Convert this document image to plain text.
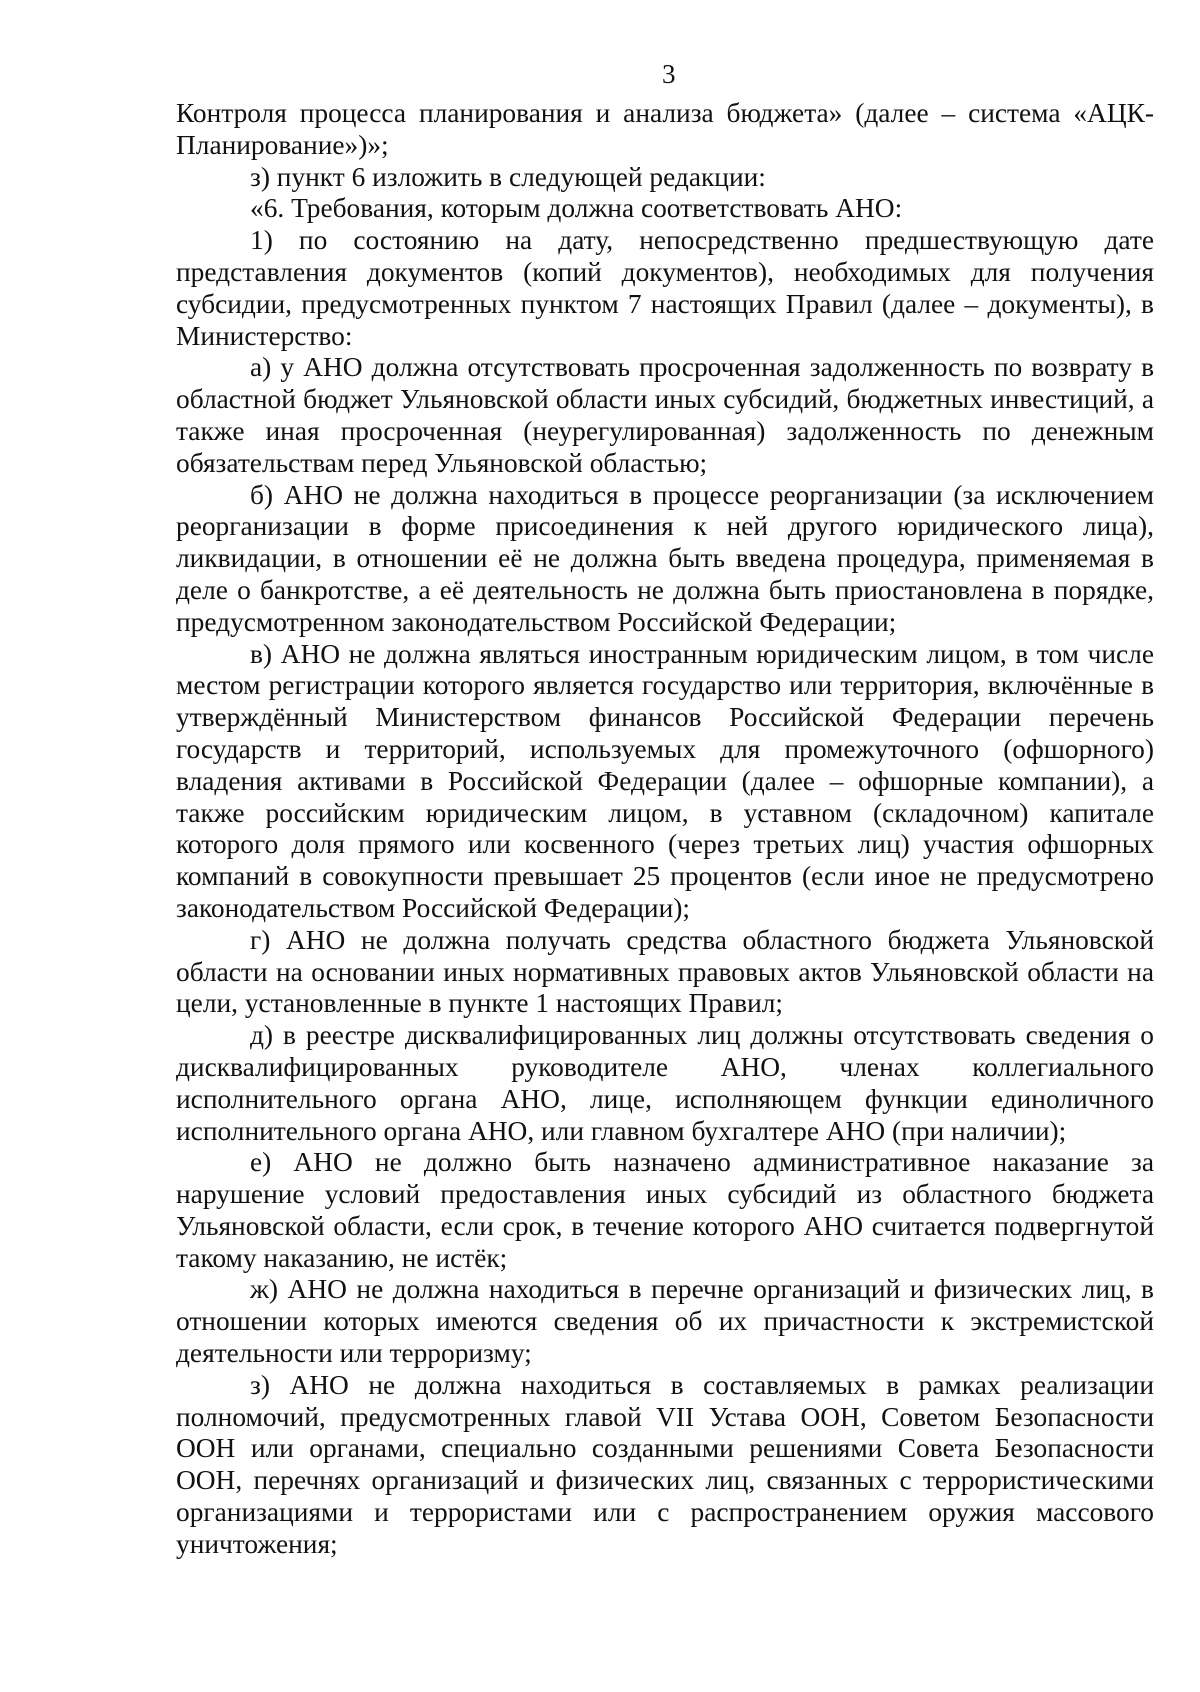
3

Контроля процесса планирования и анализа бюджета» (далее – система «АЦК-Планирование»)»;

з) пункт 6 изложить в следующей редакции:

«6. Требования, которым должна соответствовать АНО:

1) по состоянию на дату, непосредственно предшествующую дате представления документов (копий документов), необходимых для получения субсидии, предусмотренных пунктом 7 настоящих Правил (далее – документы), в Министерство:

а) у АНО должна отсутствовать просроченная задолженность по возврату в областной бюджет Ульяновской области иных субсидий, бюджетных инвестиций, а также иная просроченная (неурегулированная) задолженность по денежным обязательствам перед Ульяновской областью;

б) АНО не должна находиться в процессе реорганизации (за исключением реорганизации в форме присоединения к ней другого юридического лица), ликвидации, в отношении её не должна быть введена процедура, применяемая в деле о банкротстве, а её деятельность не должна быть приостановлена в порядке, предусмотренном законодательством Российской Федерации;

в) АНО не должна являться иностранным юридическим лицом, в том числе местом регистрации которого является государство или территория, включённые в утверждённый Министерством финансов Российской Федерации перечень государств и территорий, используемых для промежуточного (офшорного) владения активами в Российской Федерации (далее – офшорные компании), а также российским юридическим лицом, в уставном (складочном) капитале которого доля прямого или косвенного (через третьих лиц) участия офшорных компаний в совокупности превышает 25 процентов (если иное не предусмотрено законодательством Российской Федерации);

г) АНО не должна получать средства областного бюджета Ульяновской области на основании иных нормативных правовых актов Ульяновской области на цели, установленные в пункте 1 настоящих Правил;

д) в реестре дисквалифицированных лиц должны отсутствовать сведения о дисквалифицированных руководителе АНО, членах коллегиального исполнительного органа АНО, лице, исполняющем функции единоличного исполнительного органа АНО, или главном бухгалтере АНО (при наличии);

е) АНО не должно быть назначено административное наказание за нарушение условий предоставления иных субсидий из областного бюджета Ульяновской области, если срок, в течение которого АНО считается подвергнутой такому наказанию, не истёк;

ж) АНО не должна находиться в перечне организаций и физических лиц, в отношении которых имеются сведения об их причастности к экстремистской деятельности или терроризму;

з) АНО не должна находиться в составляемых в рамках реализации полномочий, предусмотренных главой VII Устава ООН, Советом Безопасности ООН или органами, специально созданными решениями Совета Безопасности ООН, перечнях организаций и физических лиц, связанных с террористическими организациями и террористами или с распространением оружия массового уничтожения;
